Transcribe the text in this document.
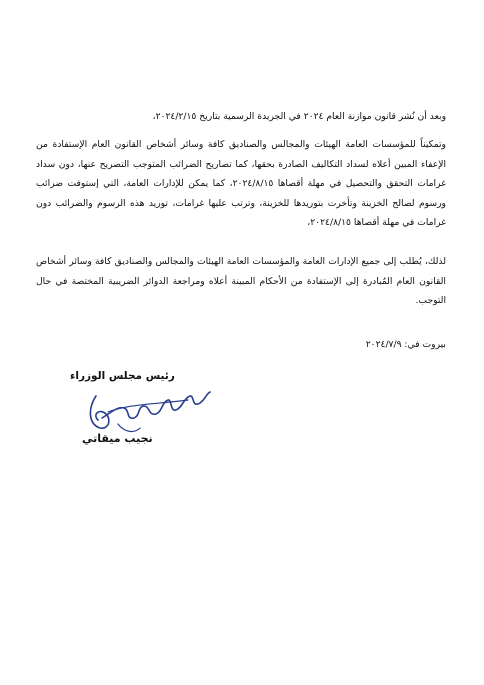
وبعد أن نُشر قانون موازنة العام ٢٠٢٤ في الجريدة الرسمية بتاريخ ٢٠٢٤/٢/١٥،

وتمكيناً للمؤسسات العامة الهيئات والمجالس والصناديق كافة وسائر أشخاص القانون العام الإستفادة من الإعفاء المبين أعلاه لسداد التكاليف الصادرة بحقها، كما تصاريح الضرائب المتوجب التصريح عنها، دون سداد غرامات التحقق والتحصيل في مهلة أقصاها ٢٠٢٤/٨/١٥، كما يمكن للإدارات العامة، التي إستوفت ضرائب ورسوم لصالح الخزينة وتأخرت بتوريدها للخزينة، وترتب عليها غرامات، توريد هذه الرسوم والضرائب دون غرامات في مهلة أقصاها ٢٠٢٤/٨/١٥،

لذلك، يُطلب إلى جميع الإدارات العامة والمؤسسات العامة الهيئات والمجالس والصناديق كافة وسائر أشخاص القانون العام المُبادرة إلى الإستفادة من الأحكام المبينة أعلاه ومراجعة الدوائر الضريبية المختصة في حال التوجب.

بيروت في: ٢٠٢٤/٧/٩
رئيس مجلس الوزراء
نجيب ميقاتي
